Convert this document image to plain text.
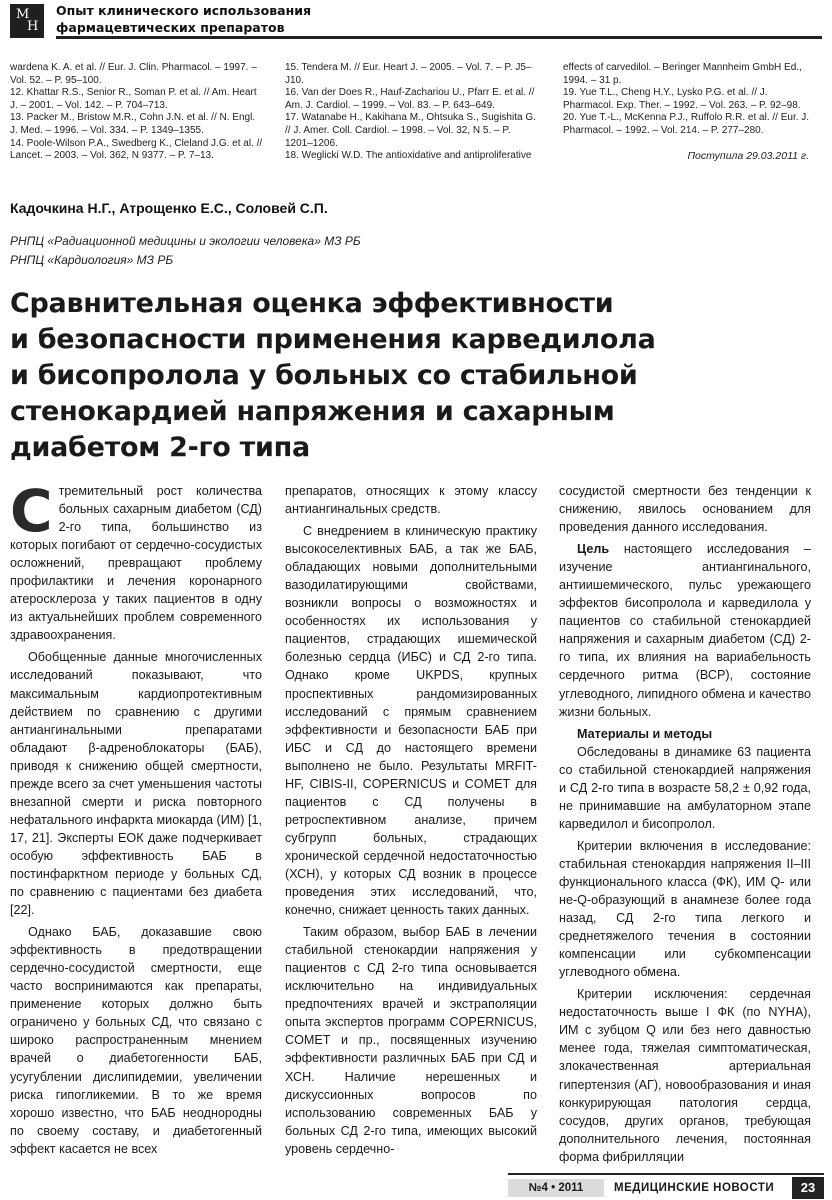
М
Н
Опыт клинического использования
фармацевтических препаратов

wardena K. A. et al. // Eur. J. Clin. Pharmacol. – 1997. – Vol. 52. – P. 95–100.

12. Khattar R.S., Senior R., Soman P. et al. // Am. Heart J. – 2001. – Vol. 142. – P. 704–713.

13. Packer M., Bristow M.R., Cohn J.N. et al. // N. Engl. J. Med. – 1996. – Vol. 334. – P. 1349–1355.

14. Poole-Wilson P.A., Swedberg K., Cleland J.G. et al. // Lancet. – 2003. – Vol. 362, N 9377. – P. 7–13.

15. Tendera M. // Eur. Heart J. – 2005. – Vol. 7. – P. J5–J10.

16. Van der Does R., Hauf-Zachariou U., Pfarr E. et al. // Am. J. Cardiol. – 1999. – Vol. 83. – P. 643–649.

17. Watanabe H., Kakihana M., Ohtsuka S., Sugishita G. // J. Amer. Coll. Cardiol. – 1998. – Vol. 32, N 5. – P. 1201–1206.

18. Weglicki W.D. The antioxidative and antiproliferative

effects of carvedilol. – Beringer Mannheim GmbH Ed., 1994. – 31 p.

19. Yue T.L., Cheng H.Y., Lysko P.G. et al. // J. Pharmacol. Exp. Ther. – 1992. – Vol. 263. – P. 92–98.

20. Yue T.-L., McKenna P.J., Ruffolo R.R. et al. // Eur. J. Pharmacol. – 1992. – Vol. 214. – P. 277–280.

Поступила 29.03.2011 г.
Кадочкина Н.Г., Атрощенко Е.С., Соловей С.П.
РНПЦ «Радиационной медицины и экологии человека» МЗ РБ
РНПЦ «Кардиология» МЗ РБ
Сравнительная оценка эффективности
и безопасности применения карведилола
и бисопролола у больных со стабильной
стенокардией напряжения и сахарным
диабетом 2-го типа

Стремительный рост количества больных сахарным диабетом (СД) 2-го типа, большинство из которых погибают от сердечно-сосудистых осложнений, превращают проблему профилактики и лечения коронарного атеросклероза у таких пациентов в одну из актуальнейших проблем современного здравоохранения.

Обобщенные данные многочисленных исследований показывают, что максимальным кардиопротективным действием по сравнению с другими антиангинальными препаратами обладают β-адреноблокаторы (БАБ), приводя к снижению общей смертности, прежде всего за счет уменьшения частоты внезапной смерти и риска повторного нефатального инфаркта миокарда (ИМ) [1, 17, 21]. Эксперты ЕОК даже подчеркивает особую эффективность БАБ в постинфарктном периоде у больных СД, по сравнению с пациентами без диабета [22].

Однако БАБ, доказавшие свою эффективность в предотвращении сердечно-сосудистой смертности, еще часто воспринимаются как препараты, применение которых должно быть ограничено у больных СД, что связано с широко распространенным мнением врачей о диабетогенности БАБ, усугублении дислипидемии, увеличении риска гипогликемии. В то же время хорошо известно, что БАБ неоднородны по своему составу, и диабетогенный эффект касается не всех

препаратов, относящих к этому классу антиангинальных средств.

С внедрением в клиническую практику высокоселективных БАБ, а так же БАБ, обладающих новыми дополнительными вазодилатирующими свойствами, возникли вопросы о возможностях и особенностях их использования у пациентов, страдающих ишемической болезнью сердца (ИБС) и СД 2-го типа. Однако кроме UKPDS, крупных проспективных рандомизированных исследований с прямым сравнением эффективности и безопасности БАБ при ИБС и СД до настоящего времени выполнено не было. Результаты MRFIT-НF, CIBIS-II, COPERNICUS и COMET для пациентов с СД получены в ретроспективном анализе, причем субгрупп больных, страдающих хронической сердечной недостаточностью (ХСН), у которых СД возник в процессе проведения этих исследований, что, конечно, снижает ценность таких данных.

Таким образом, выбор БАБ в лечении стабильной стенокардии напряжения у пациентов с СД 2-го типа основывается исключительно на индивидуальных предпочтениях врачей и экстраполяции опыта экспертов программ COPERNICUS, COMET и пр., посвященных изучению эффективности различных БАБ при СД и ХСН. Наличие нерешенных и дискуссионных вопросов по использованию современных БАБ у больных СД 2-го типа, имеющих высокий уровень сердечно-

сосудистой смертности без тенденции к снижению, явилось основанием для проведения данного исследования.

Цель настоящего исследования – изучение антиангинального, антиишемического, пульс урежающего эффектов бисопролола и карведилола у пациентов со стабильной стенокардией напряжения и сахарным диабетом (СД) 2-го типа, их влияния на вариабельность сердечного ритма (ВСР), состояние углеводного, липидного обмена и качество жизни больных.

Материалы и методы

Обследованы в динамике 63 пациента со стабильной стенокардией напряжения и СД 2-го типа в возрасте 58,2 ± 0,92 года, не принимавшие на амбулаторном этапе карведилол и бисопролол.

Критерии включения в исследование: стабильная стенокардия напряжения II–III функционального класса (ФК), ИМ Q- или не-Q-образующий в анамнезе более года назад, СД 2-го типа легкого и среднетяжелого течения в состоянии компенсации или субкомпенсации углеводного обмена.

Критерии исключения: сердечная недостаточность выше I ФК (по NYHA), ИМ с зубцом Q или без него давностью менее года, тяжелая симптоматическая, злокачественная артериальная гипертензия (АГ), новообразования и иная конкурирующая патология сердца, сосудов, других органов, требующая дополнительного лечения, постоянная форма фибрилляции

№4 • 2011	МЕДИЦИНСКИЕ НОВОСТИ	23
